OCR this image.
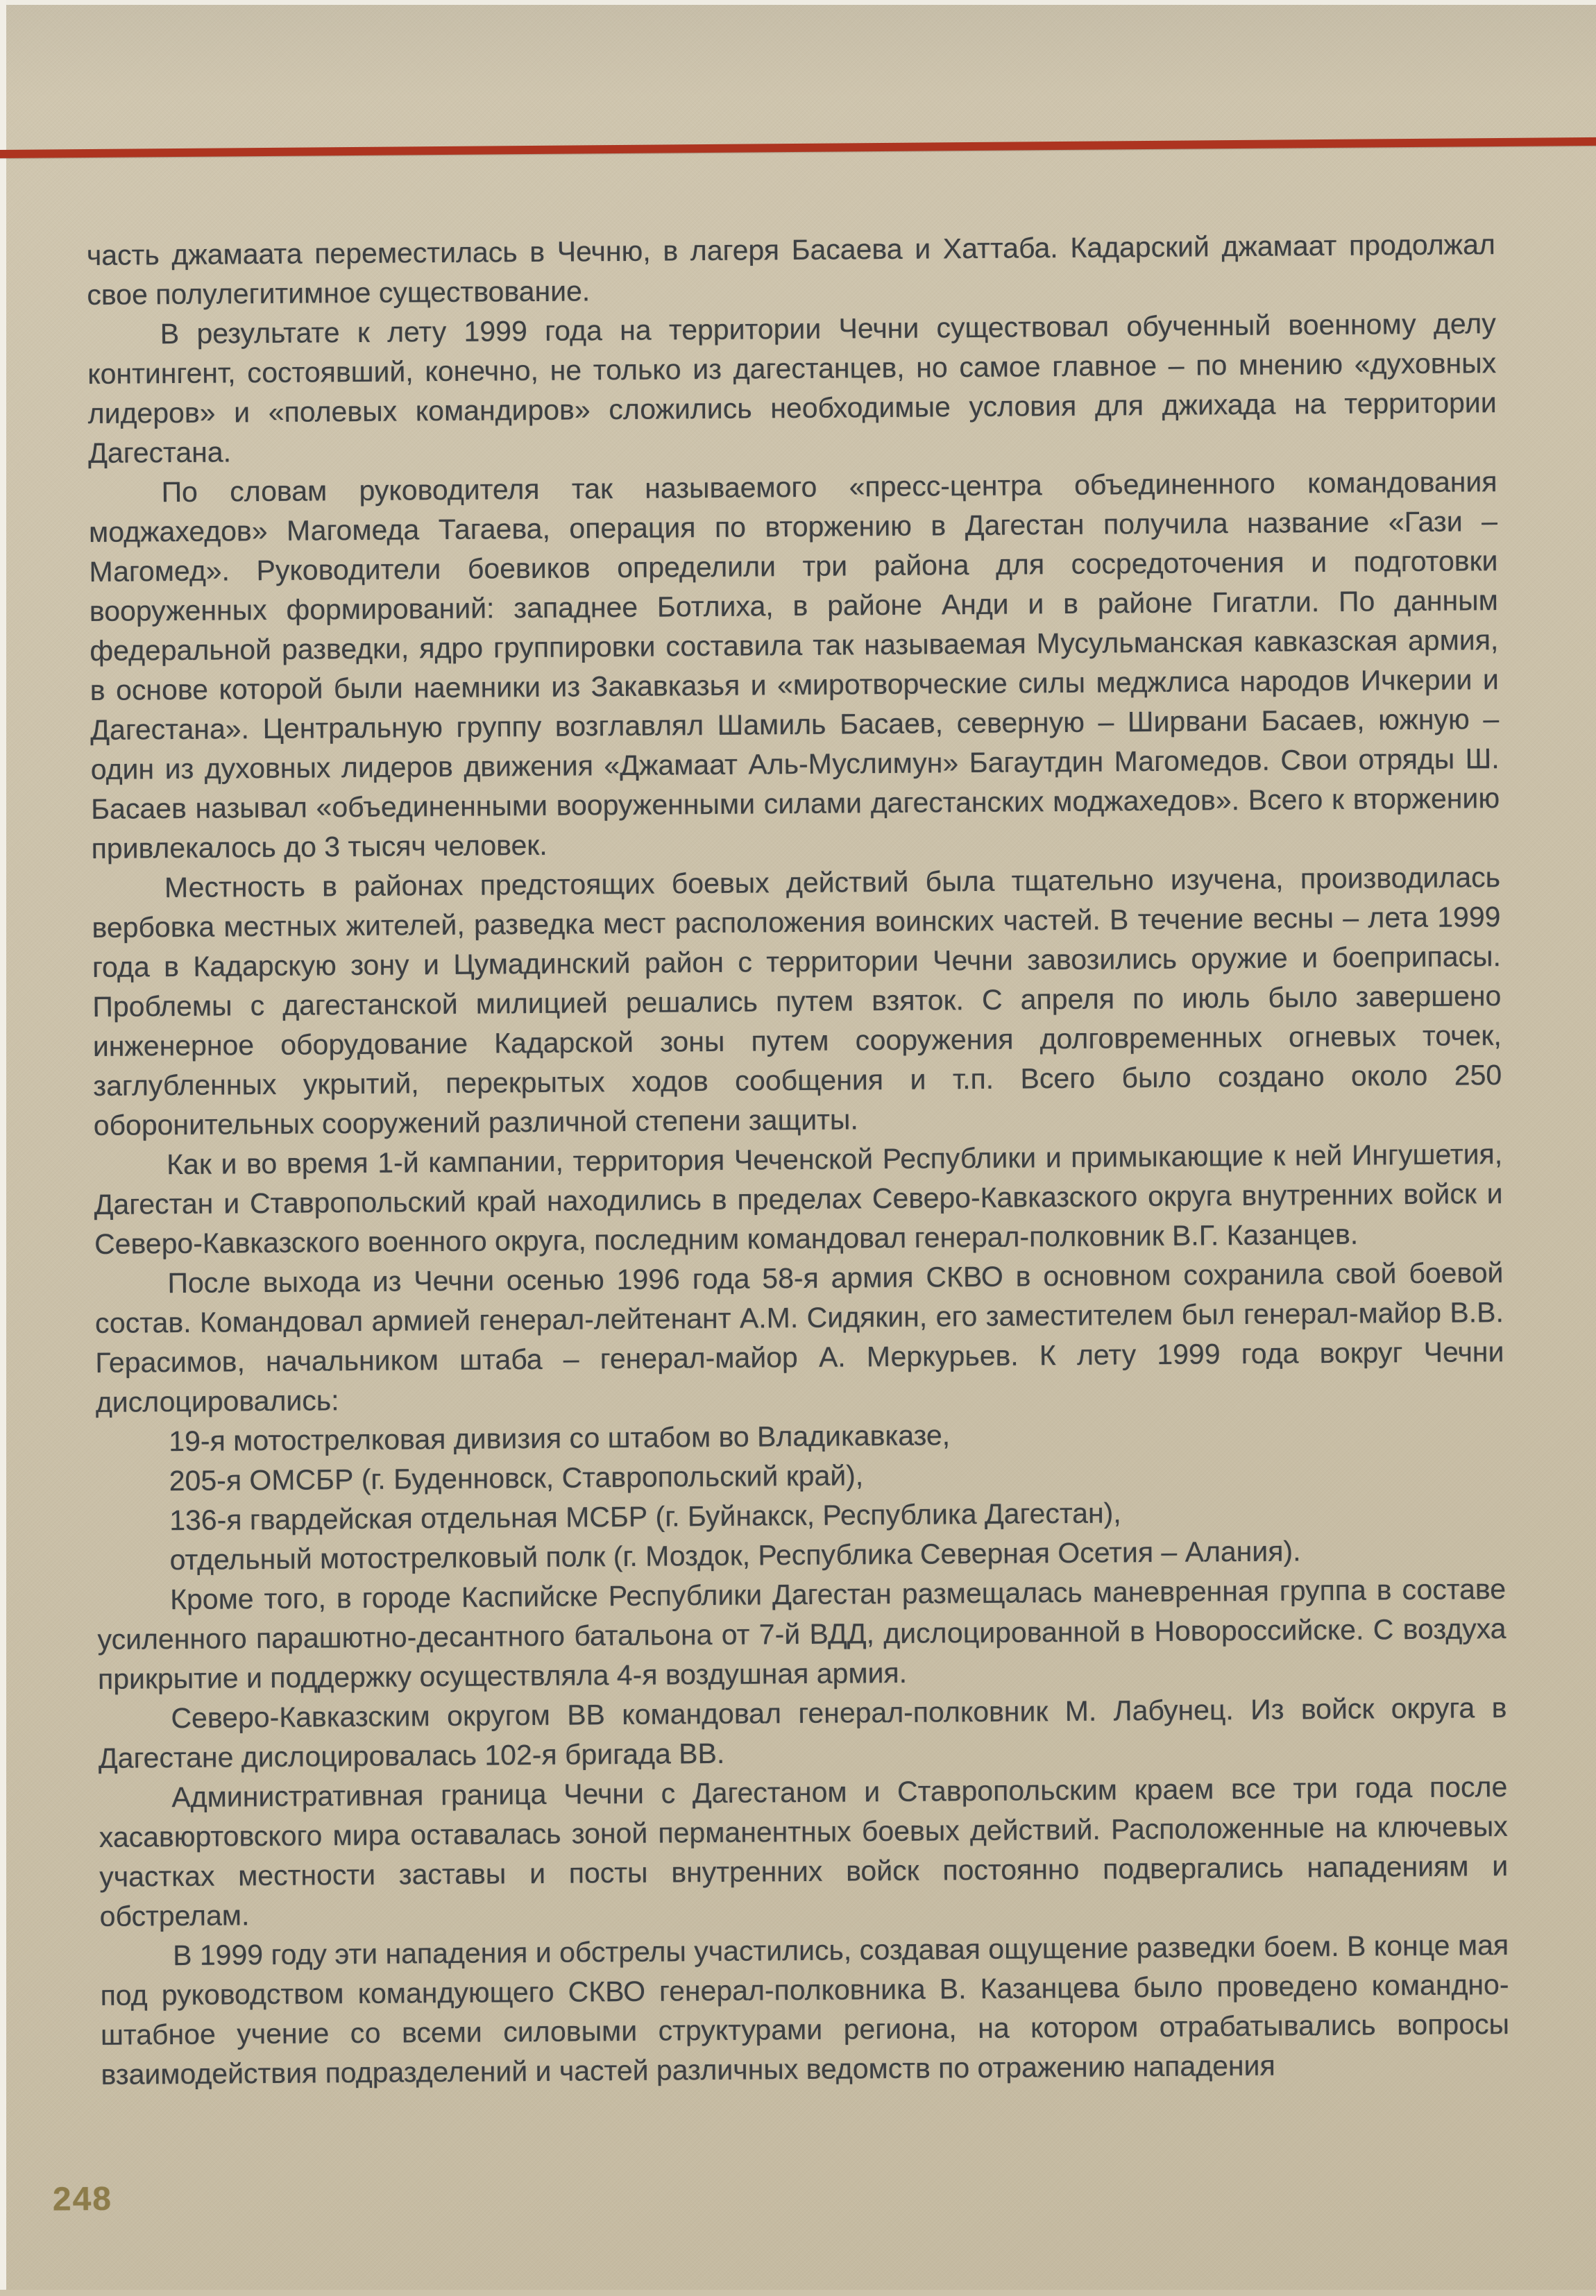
часть джамаата переместилась в Чечню, в лагеря Басаева и Хаттаба. Кадарский джамаат продолжал свое полулегитимное существование.

В результате к лету 1999 года на территории Чечни существовал обученный военному делу контингент, состоявший, конечно, не только из дагестанцев, но самое главное – по мнению «духовных лидеров» и «полевых командиров» сложились необходимые условия для джихада на территории Дагестана.

По словам руководителя так называемого «пресс-центра объединенного командования моджахедов» Магомеда Тагаева, операция по вторжению в Дагестан получила название «Гази – Магомед». Руководители боевиков определили три района для сосредоточения и подготовки вооруженных формирований: западнее Ботлиха, в районе Анди и в районе Гигатли. По данным федеральной разведки, ядро группировки составила так называемая Мусульманская кавказская армия, в основе которой были наемники из Закавказья и «миротворческие силы меджлиса народов Ичкерии и Дагестана». Центральную группу возглавлял Шамиль Басаев, северную – Ширвани Басаев, южную – один из духовных лидеров движения «Джамаат Аль-Муслимун» Багаутдин Магомедов. Свои отряды Ш. Басаев называл «объединенными вооруженными силами дагестанских моджахедов». Всего к вторжению привлекалось до 3 тысяч человек.

Местность в районах предстоящих боевых действий была тщательно изучена, производилась вербовка местных жителей, разведка мест расположения воинских частей. В течение весны – лета 1999 года в Кадарскую зону и Цумадинский район с территории Чечни завозились оружие и боеприпасы. Проблемы с дагестанской милицией решались путем взяток. С апреля по июль было завершено инженерное оборудование Кадарской зоны путем сооружения долговременных огневых точек, заглубленных укрытий, перекрытых ходов сообщения и т.п. Всего было создано около 250 оборонительных сооружений различной степени защиты.

Как и во время 1-й кампании, территория Чеченской Республики и примыкающие к ней Ингушетия, Дагестан и Ставропольский край находились в пределах Северо-Кавказского округа внутренних войск и Северо-Кавказского военного округа, последним командовал генерал-полковник В.Г. Казанцев.

После выхода из Чечни осенью 1996 года 58-я армия СКВО в основном сохранила свой боевой состав. Командовал армией генерал-лейтенант А.М. Сидякин, его заместителем был генерал-майор В.В. Герасимов, начальником штаба – генерал-майор А. Меркурьев. К лету 1999 года вокруг Чечни дислоцировались:

19-я мотострелковая дивизия со штабом во Владикавказе,

205-я ОМСБР (г. Буденновск, Ставропольский край),

136-я гвардейская отдельная МСБР (г. Буйнакск, Республика Дагестан),

отдельный мотострелковый полк (г. Моздок, Республика Северная Осетия – Алания).

Кроме того, в городе Каспийске Республики Дагестан размещалась маневренная группа в составе усиленного парашютно-десантного батальона от 7-й ВДД, дислоцированной в Новороссийске. С воздуха прикрытие и поддержку осуществляла 4-я воздушная армия.

Северо-Кавказским округом ВВ командовал генерал-полковник М. Лабунец. Из войск округа в Дагестане дислоцировалась 102-я бригада ВВ.

Административная граница Чечни с Дагестаном и Ставропольским краем все три года после хасавюртовского мира оставалась зоной перманентных боевых действий. Расположенные на ключевых участках местности заставы и посты внутренних войск постоянно подвергались нападениям и обстрелам.

В 1999 году эти нападения и обстрелы участились, создавая ощущение разведки боем. В конце мая под руководством командующего СКВО генерал-полковника В. Казанцева было проведено командно-штабное учение со всеми силовыми структурами региона, на котором отрабатывались вопросы взаимодействия подразделений и частей различных ведомств по отражению нападения

248
